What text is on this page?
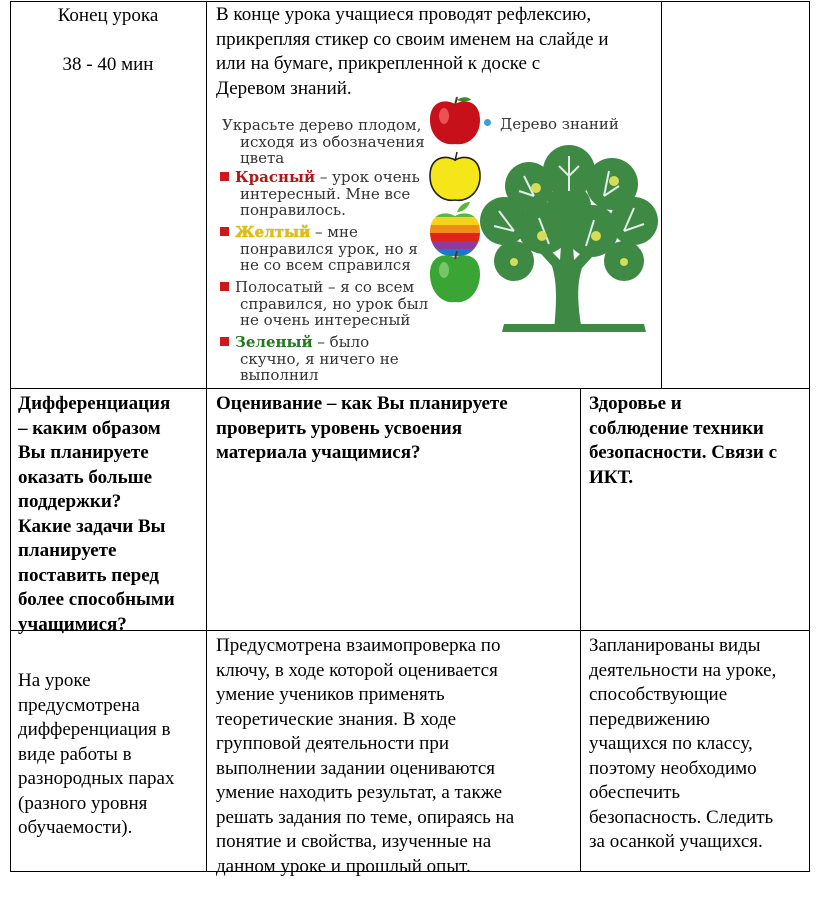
Конец урока
38 - 40 мин
В конце урока учащиеся проводят рефлексию,
прикрепляя стикер со своим именем на слайде и
или на бумаге, прикрепленной к доске с
Деревом знаний.
Украсьте дерево плодом,
исходя из обозначения
цвета
Красный – урок очень
интересный. Мне все
понравилось.
Желтый – мне
понравился урок, но я
не со всем справился
Полосатый – я со всем
справился, но урок был
не очень интересный
Зеленый – было
скучно, я ничего не
выполнил
Дерево знаний
Дифференциация
– каким образом
Вы планируете
оказать больше
поддержки?
Какие задачи Вы
планируете
поставить перед
более способными
учащимися?
Оценивание – как Вы планируете
проверить уровень усвоения
материала учащимися?
Здоровье и
соблюдение техники
безопасности. Связи с
ИКТ.
На уроке
предусмотрена
дифференциация в
виде работы в
разнородных парах
(разного уровня
обучаемости).
Предусмотрена взаимопроверка по
ключу, в ходе которой оценивается
умение учеников применять
теоретические знания. В ходе
групповой деятельности при
выполнении задании оцениваются
умение находить результат, а также
решать задания по теме, опираясь на
понятие и свойства, изученные на
данном уроке и прошлый опыт.
Запланированы виды
деятельности на уроке,
способствующие
передвижению
учащихся по классу,
поэтому необходимо
обеспечить
безопасность. Следить
за осанкой учащихся.
